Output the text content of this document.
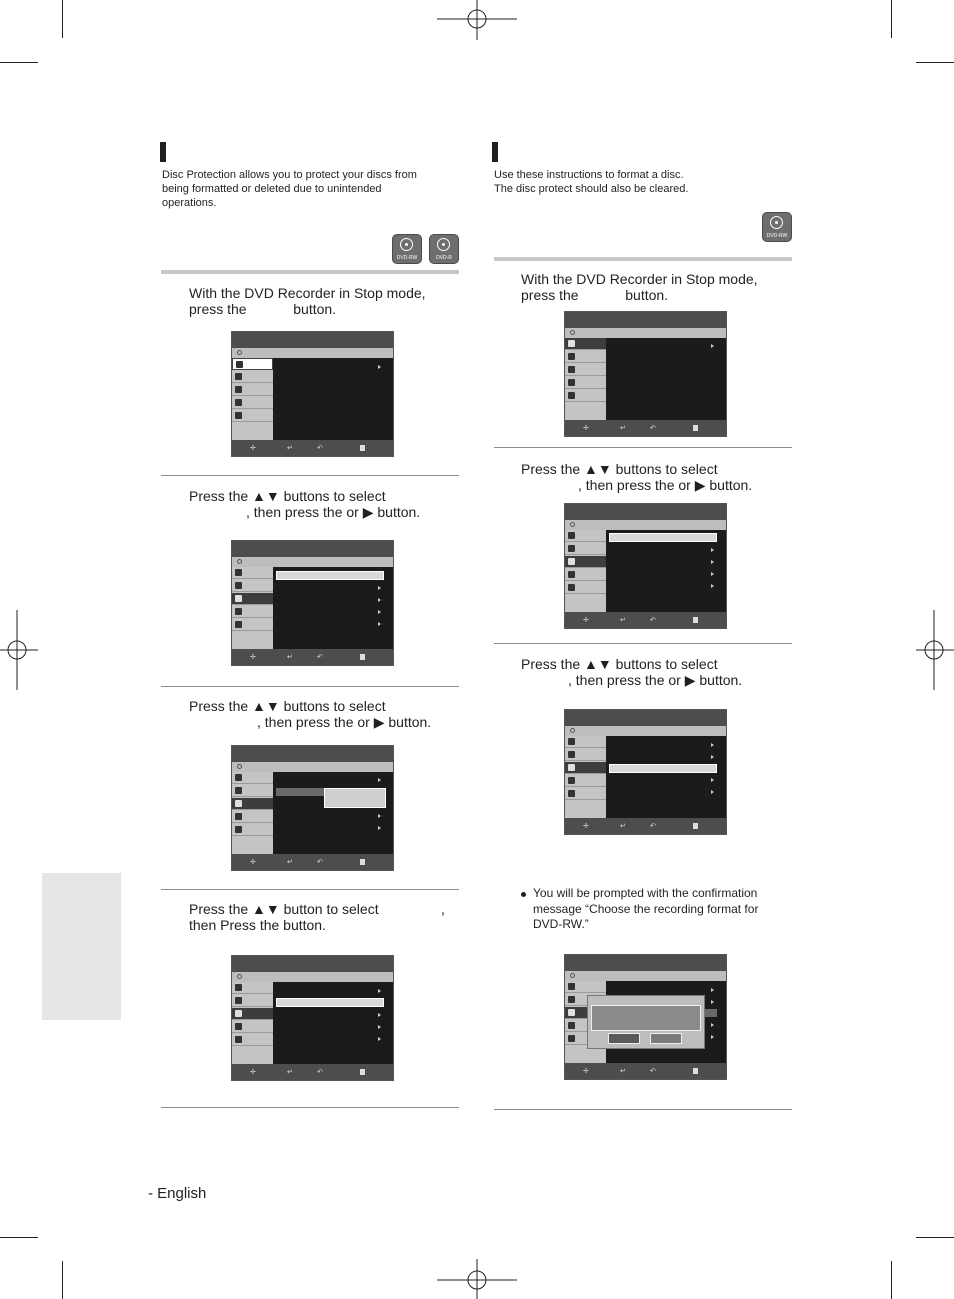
Disc Protection allows you to protect your discs from
being formatted or deleted due to unintended
operations.
DVD-RW	DVD-R
With the DVD Recorder in Stop mode,
press the            button.
✛	↵	↶
Press the ▲▼ buttons to select
, then press the or ▶ button.
✛	↵	↶
Press the ▲▼ buttons to select
, then press the or ▶ button.
✛	↵	↶
Press the ▲▼ button to select	,
then Press the button.
✛	↵	↶
Use these instructions to format a disc.
The disc protect should also be cleared.
DVD-RW
With the DVD Recorder in Stop mode,
press the            button.
✛	↵	↶
Press the ▲▼ buttons to select
, then press the or ▶ button.
✛	↵	↶
Press the ▲▼ buttons to select
, then press the or ▶ button.
✛	↵	↶
You will be prompted with the confirmation
message “Choose the recording format for
DVD-RW.”
✛	↵	↶
- English
